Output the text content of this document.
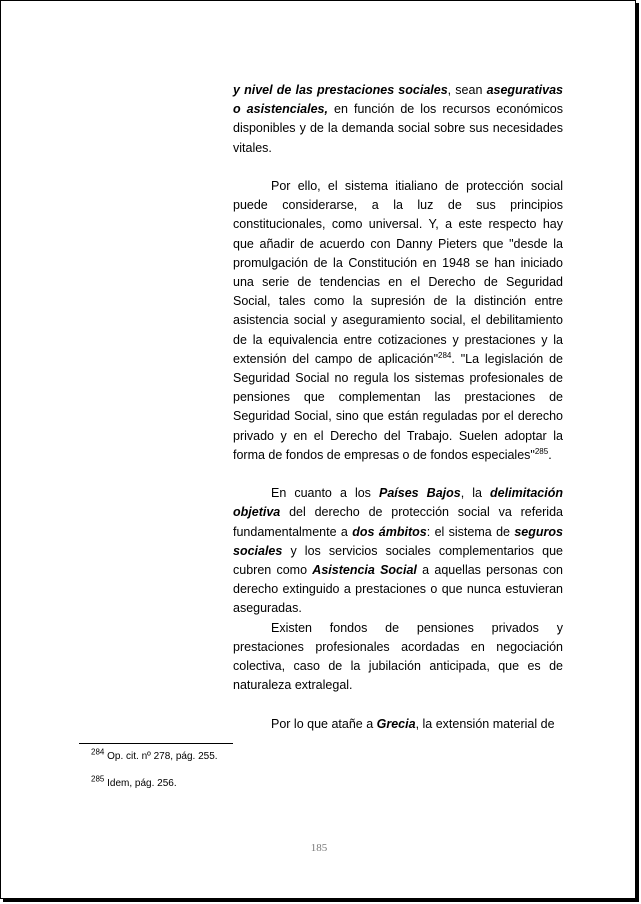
y nivel de las prestaciones sociales, sean asegurativas o asistenciales, en función de los recursos económicos disponibles y de la demanda social sobre sus necesidades vitales.

Por ello, el sistema itialiano de protección social puede considerarse, a la luz de sus principios constitucionales, como universal. Y, a este respecto hay que añadir de acuerdo con Danny Pieters que "desde la promulgación de la Constitución en 1948 se han iniciado una serie de tendencias en el Derecho de Seguridad Social, tales como la supresión de la distinción entre asistencia social y aseguramiento social, el debilitamiento de la equivalencia entre cotizaciones y prestaciones y la extensión del campo de aplicación"$^{284}$. "La legislación de Seguridad Social no regula los sistemas profesionales de pensiones que complementan las prestaciones de Seguridad Social, sino que están reguladas por el derecho privado y en el Derecho del Trabajo. Suelen adoptar la forma de fondos de empresas o de fondos especiales"$^{285}$.

En cuanto a los Países Bajos, la delimitación objetiva del derecho de protección social va referida fundamentalmente a dos ámbitos: el sistema de seguros sociales y los servicios sociales complementarios que cubren como Asistencia Social a aquellas personas con derecho extinguido a prestaciones o que nunca estuvieran aseguradas.

Existen fondos de pensiones privados y prestaciones profesionales acordadas en negociación colectiva, caso de la jubilación anticipada, que es de naturaleza extralegal.

Por lo que atañe a Grecia, la extensión material de

$^{284}$ Op. cit. nº 278, pág. 255.
$^{285}$ Idem, pág. 256.
185
